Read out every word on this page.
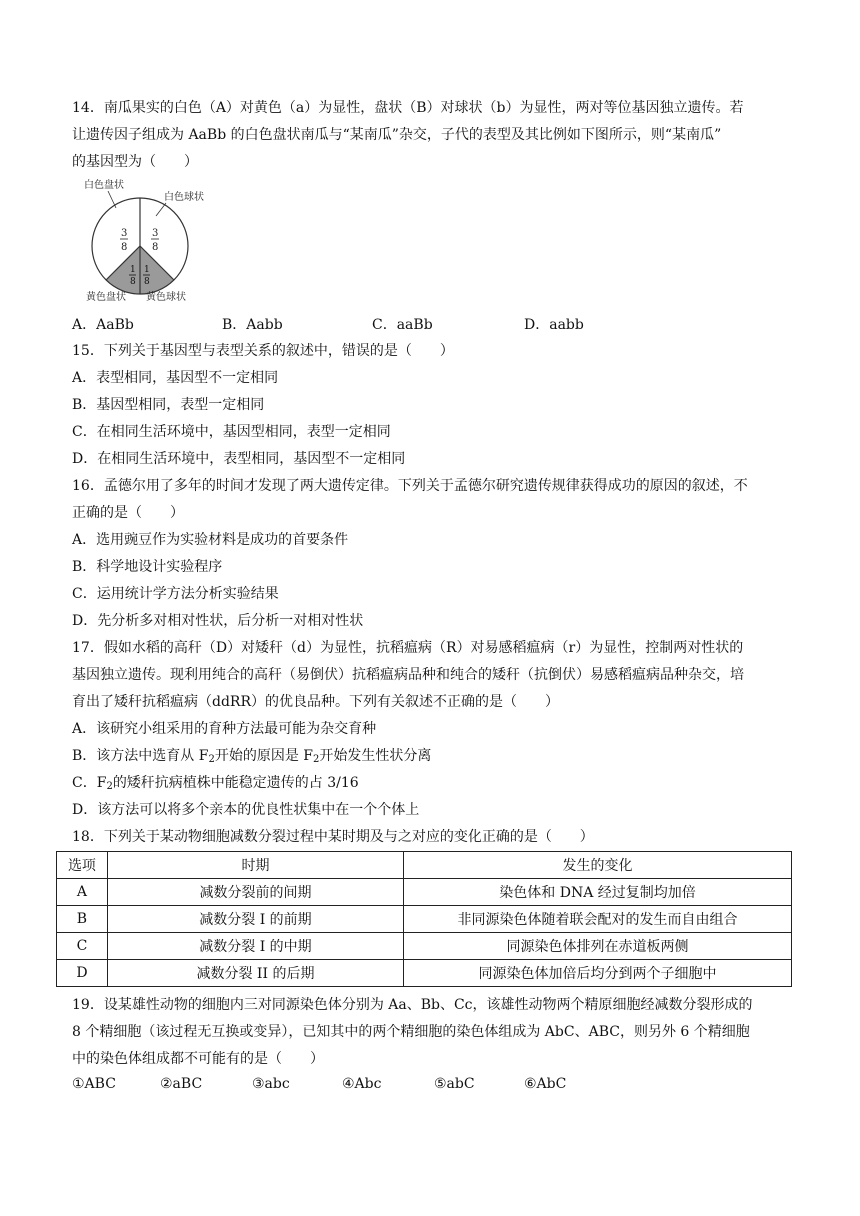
14．南瓜果实的白色（A）对黄色（a）为显性，盘状（B）对球状（b）为显性，两对等位基因独立遗传。若
让遗传因子组成为 AaBb 的白色盘状南瓜与“某南瓜”杂交，子代的表型及其比例如下图所示，则“某南瓜”
的基因型为（　　）
白色盘状
白色球状
黄色盘状 黄色球状
3
8
3
8
1
8
1
8
A．AaBb	B．Aabb	C．aaBb	D．aabb
15．下列关于基因型与表型关系的叙述中，错误的是（　　）
A．表型相同，基因型不一定相同
B．基因型相同，表型一定相同
C．在相同生活环境中，基因型相同，表型一定相同
D．在相同生活环境中，表型相同，基因型不一定相同
16．孟德尔用了多年的时间才发现了两大遗传定律。下列关于孟德尔研究遗传规律获得成功的原因的叙述，不
正确的是（　　）
A．选用豌豆作为实验材料是成功的首要条件
B．科学地设计实验程序
C．运用统计学方法分析实验结果
D．先分析多对相对性状，后分析一对相对性状
17．假如水稻的高秆（D）对矮秆（d）为显性，抗稻瘟病（R）对易感稻瘟病（r）为显性，控制两对性状的
基因独立遗传。现利用纯合的高秆（易倒伏）抗稻瘟病品种和纯合的矮秆（抗倒伏）易感稻瘟病品种杂交，培
育出了矮秆抗稻瘟病（ddRR）的优良品种。下列有关叙述不正确的是（　　）
A．该研究小组采用的育种方法最可能为杂交育种
B．该方法中选育从 $F_2$开始的原因是 $F_2$开始发生性状分离
C．$F_2$的矮秆抗病植株中能稳定遗传的占 3/16
D．该方法可以将多个亲本的优良性状集中在一个个体上
18．下列关于某动物细胞减数分裂过程中某时期及与之对应的变化正确的是（　　）
选项	时期	发生的变化
A	减数分裂前的间期	染色体和 DNA 经过复制均加倍
B	减数分裂 I 的前期	非同源染色体随着联会配对的发生而自由组合
C	减数分裂 I 的中期	同源染色体排列在赤道板两侧
D	减数分裂 II 的后期	同源染色体加倍后均分到两个子细胞中
19．设某雄性动物的细胞内三对同源染色体分别为 Aa、Bb、Cc，该雄性动物两个精原细胞经减数分裂形成的
8 个精细胞（该过程无互换或变异），已知其中的两个精细胞的染色体组成为 AbC、ABC，则另外 6 个精细胞
中的染色体组成都不可能有的是（　　）
①ABC	②aBC	③abc	④Abc	⑤abC	⑥AbC
